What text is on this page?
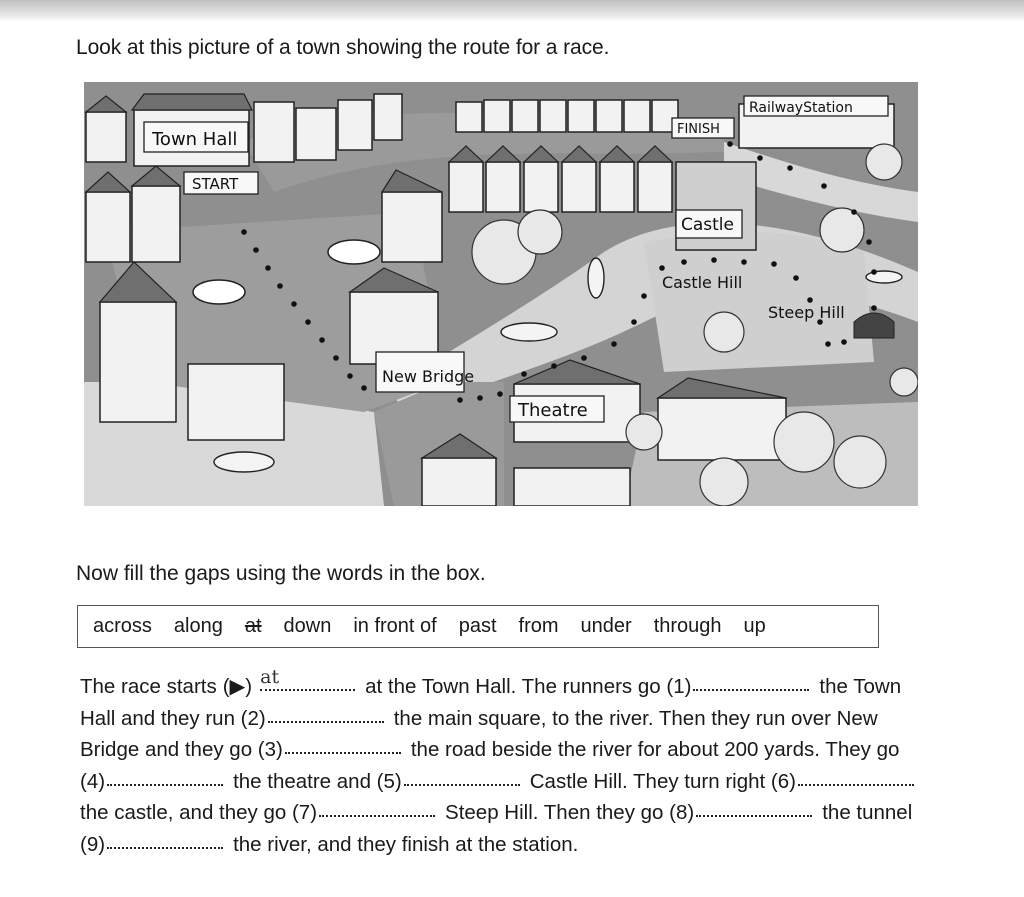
Look at this picture of a town showing the route for a race.
Town Hall
START
FINISH
RailwayStation
Castle
Castle Hill
Steep Hill
New Bridge
Theatre
Now fill the gaps using the words in the box.
across along at down in front of past from under through up
The race starts (▶) at	at the Town Hall. The runners go (1)	the Town
Hall and they run (2)	the main square, to the river. Then they run over New
Bridge and they go (3)	the road beside the river for about 200 yards. They go
(4)	the theatre and (5)	Castle Hill. They turn right (6)
the castle, and they go (7)	Steep Hill. Then they go (8)	the tunnel
(9)	the river, and they finish at the station.
